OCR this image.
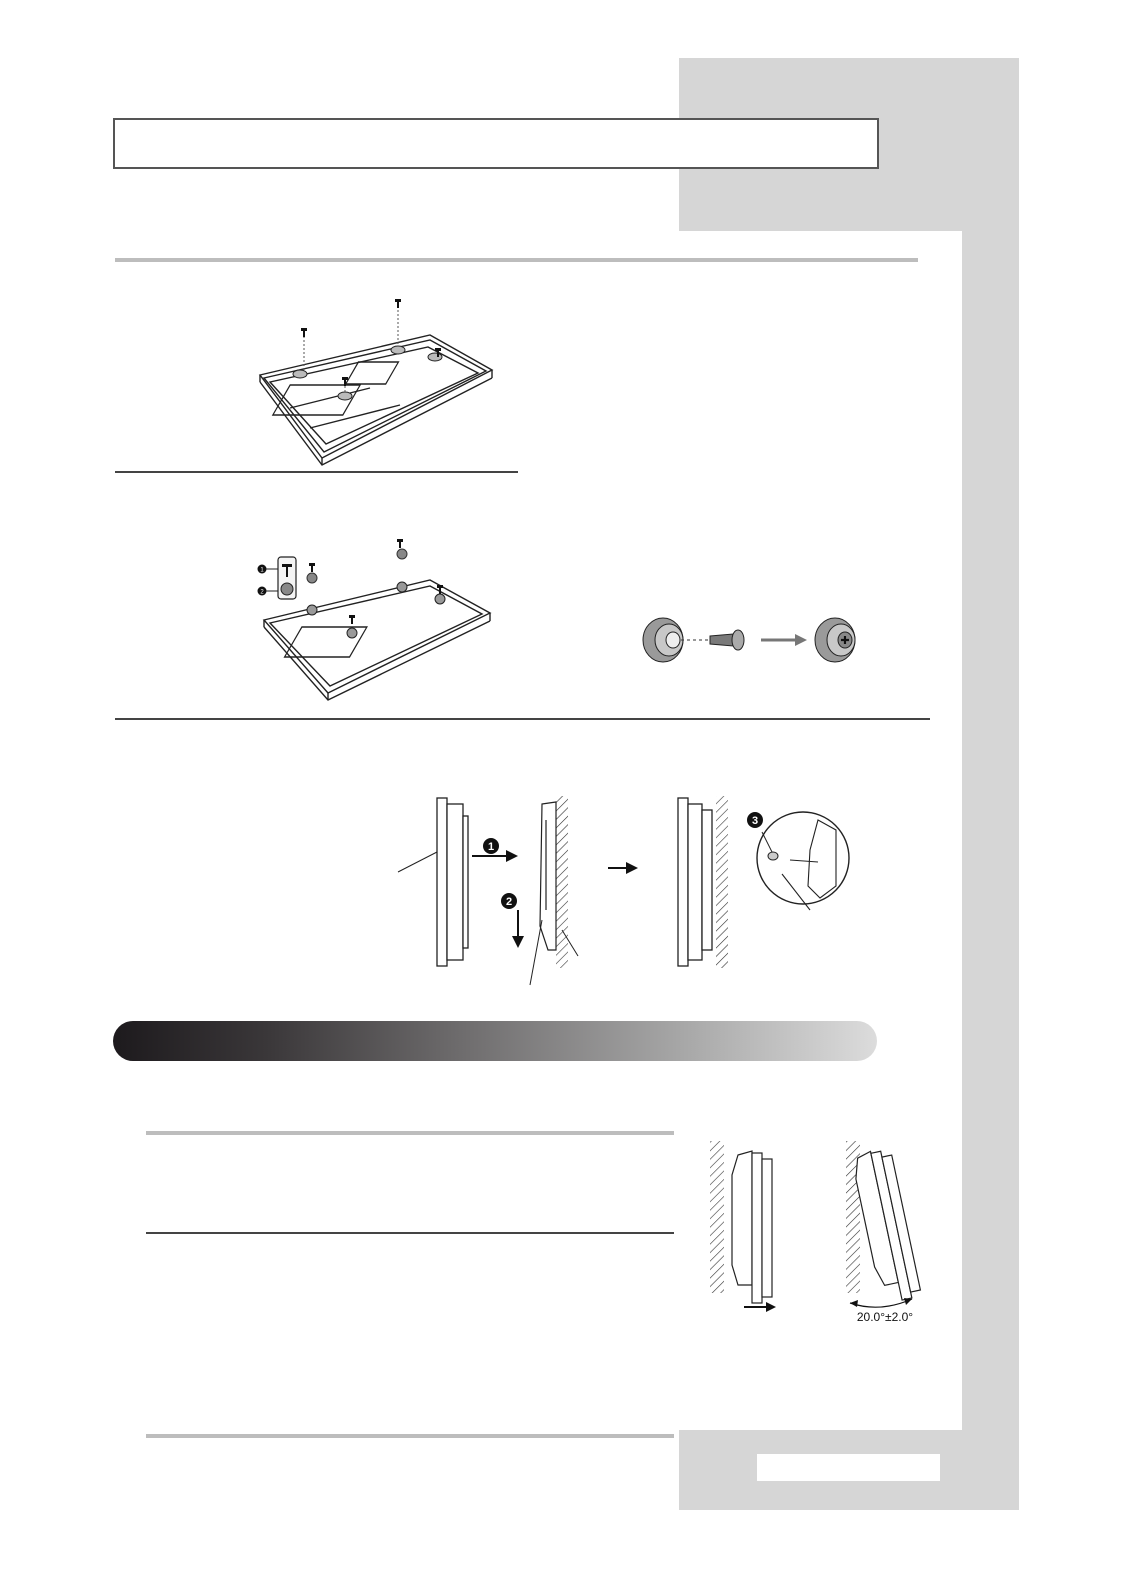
1
2
✚
1
2
3
20.0°±2.0°
